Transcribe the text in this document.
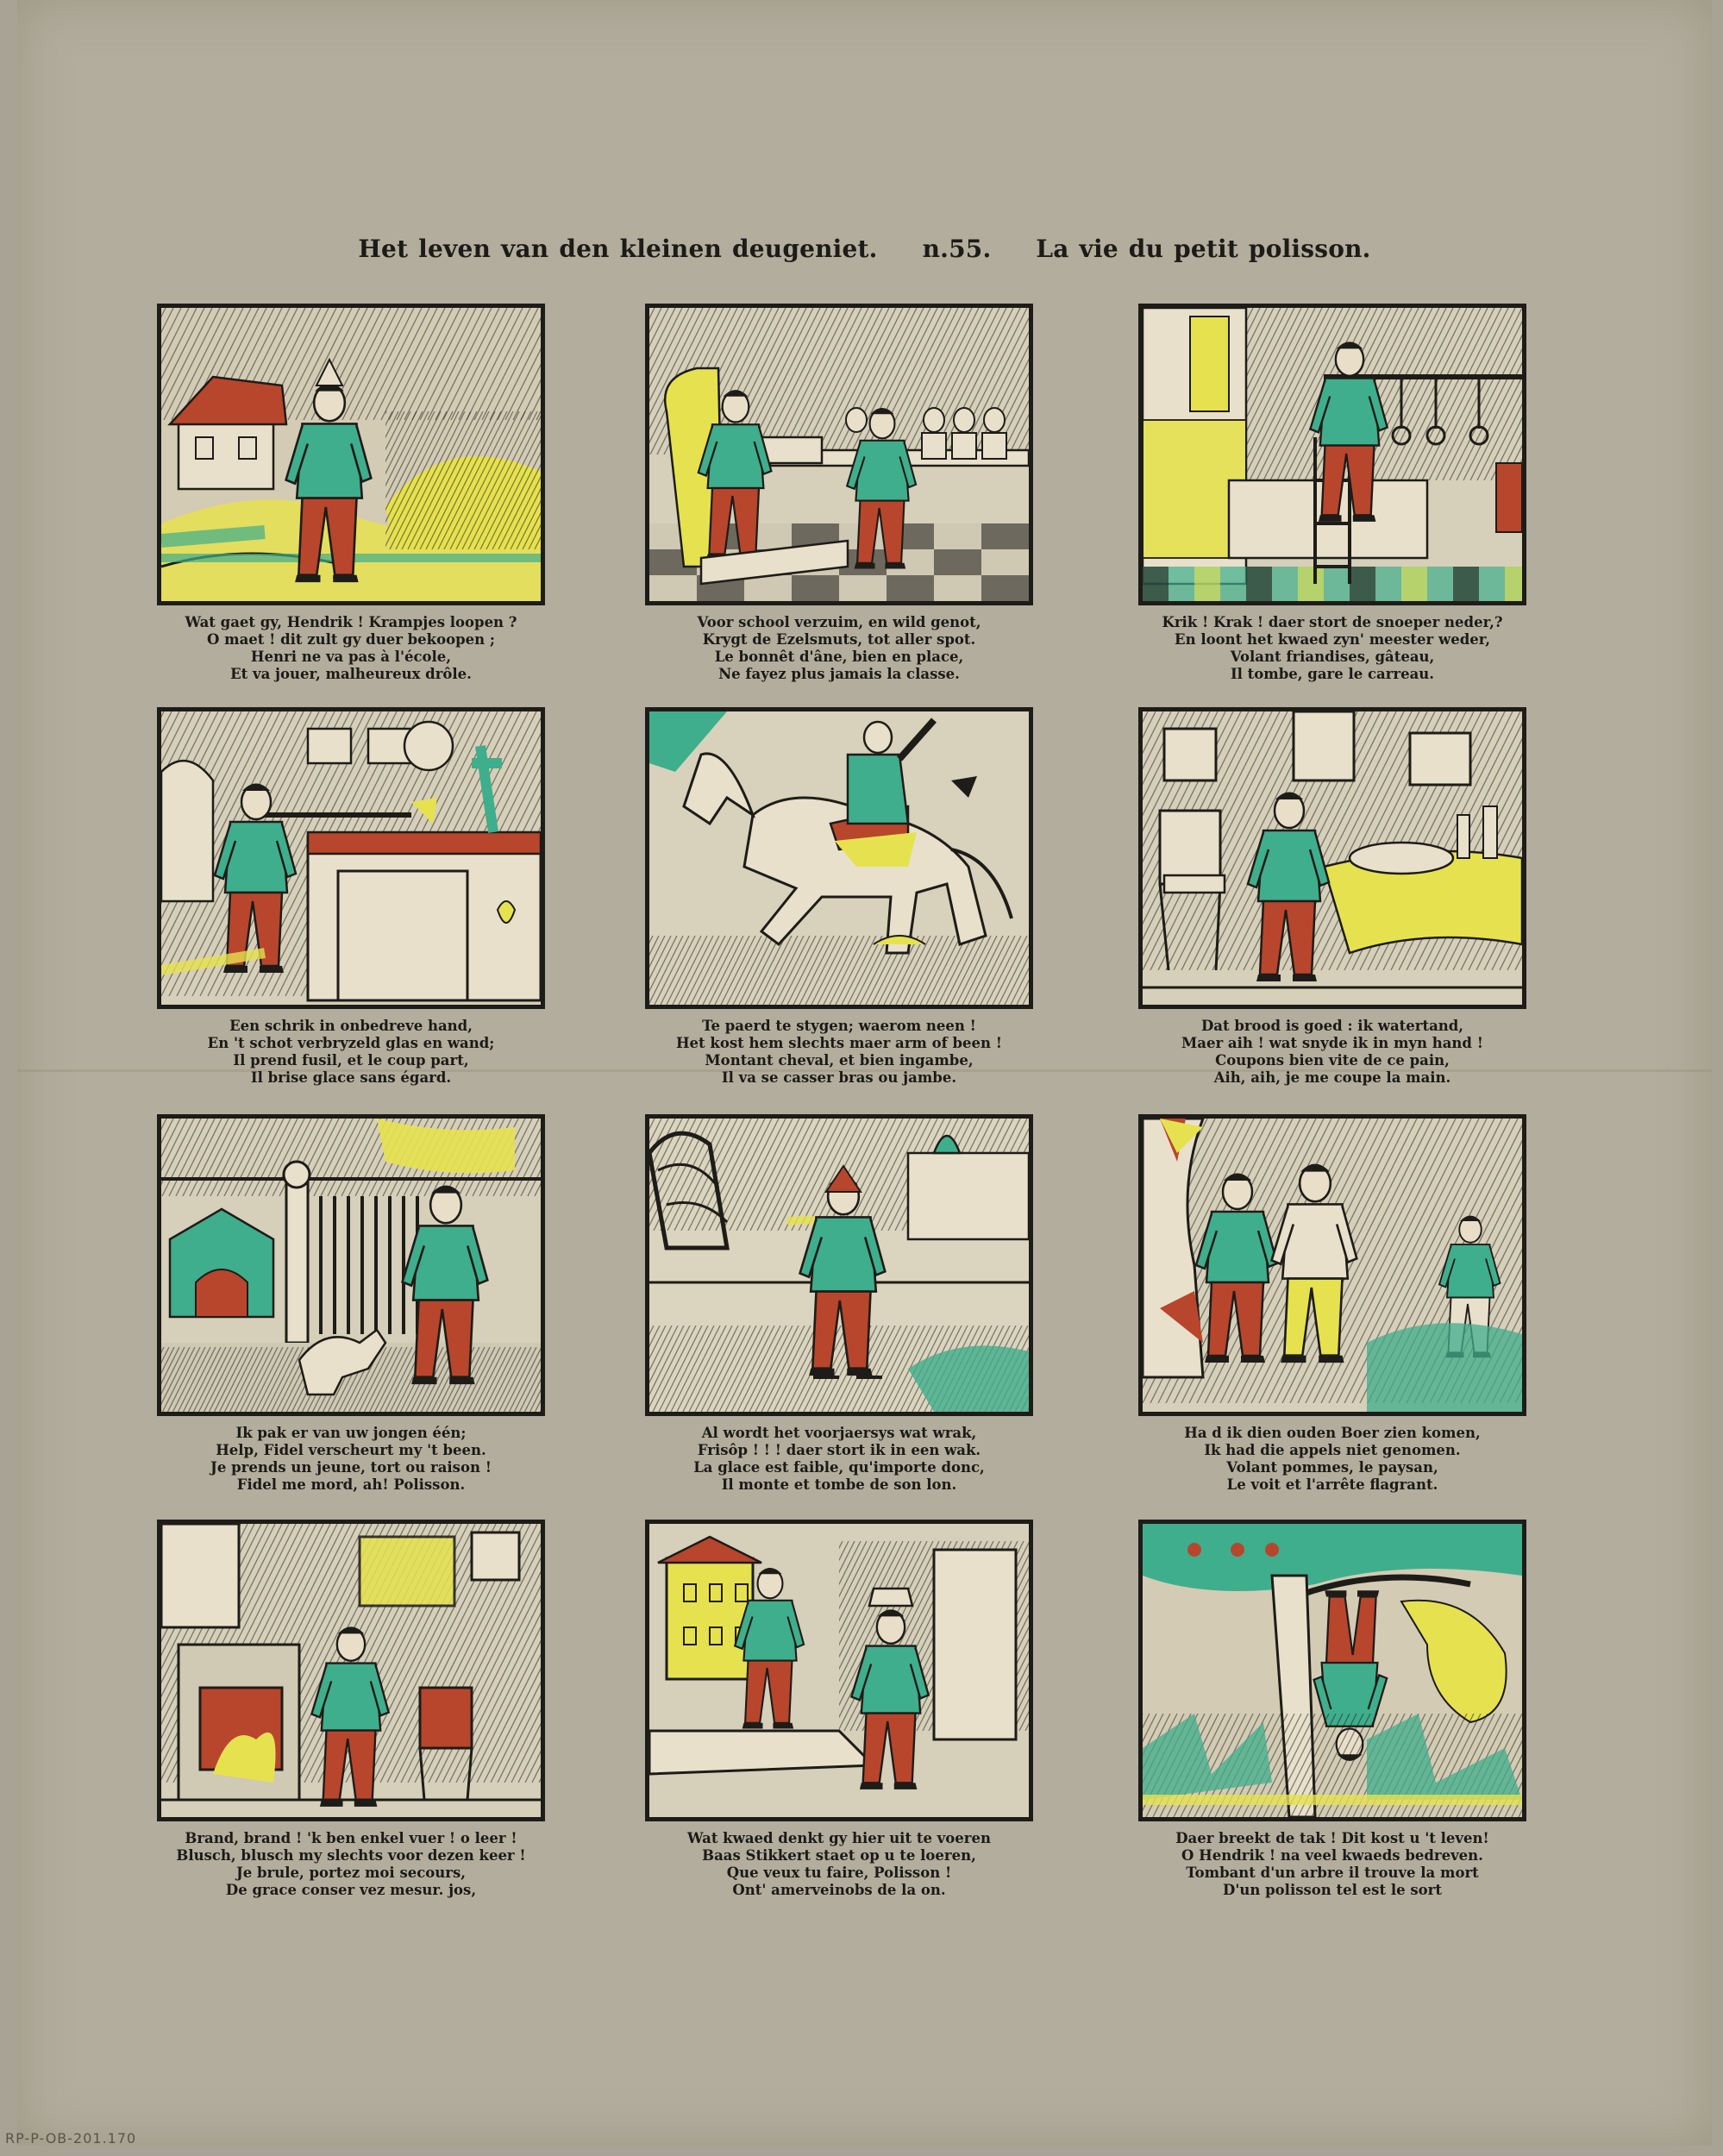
Het leven van den kleinen deugeniet. n.55. La vie du petit polisson.
Wat gaet gy, Hendrik ! Krampjes loopen ?
O maet ! dit zult gy duer bekoopen ;
Henri ne va pas à l'école,
Et va jouer, malheureux drôle.
Voor school verzuim, en wild genot,
Krygt de Ezelsmuts, tot aller spot.
Le bonnêt d'âne, bien en place,
Ne fayez plus jamais la classe.
Krik ! Krak ! daer stort de snoeper neder,?
En loont het kwaed zyn' meester weder,
Volant friandises, gâteau,
Il tombe, gare le carreau.
Een schrik in onbedreve hand,
En 't schot verbryzeld glas en wand;
Il prend fusil, et le coup part,
Il brise glace sans égard.
Te paerd te stygen; waerom neen !
Het kost hem slechts maer arm of been !
Montant cheval, et bien ingambe,
Il va se casser bras ou jambe.
Dat brood is goed : ik watertand,
Maer aih ! wat snyde ik in myn hand !
Coupons bien vite de ce pain,
Aih, aih, je me coupe la main.
Ik pak er van uw jongen één;
Help, Fidel verscheurt my 't been.
Je prends un jeune, tort ou raison !
Fidel me mord, ah! Polisson.
Al wordt het voorjaersys wat wrak,
Frisôp ! ! ! daer stort ik in een wak.
La glace est faible, qu'importe donc,
Il monte et tombe de son lon.
Ha d ik dien ouden Boer zien komen,
Ik had die appels niet genomen.
Volant pommes, le paysan,
Le voit et l'arrête flagrant.
Brand, brand ! 'k ben enkel vuer ! o leer !
Blusch, blusch my slechts voor dezen keer !
Je brule, portez moi secours,
De grace conser vez mesur. jos,
Wat kwaed denkt gy hier uit te voeren
Baas Stikkert staet op u te loeren,
Que veux tu faire, Polisson !
Ont' amerveinobs de la on.
Daer breekt de tak ! Dit kost u 't leven!
O Hendrik ! na veel kwaeds bedreven.
Tombant d'un arbre il trouve la mort
D'un polisson tel est le sort
RP-P-OB-201.170
